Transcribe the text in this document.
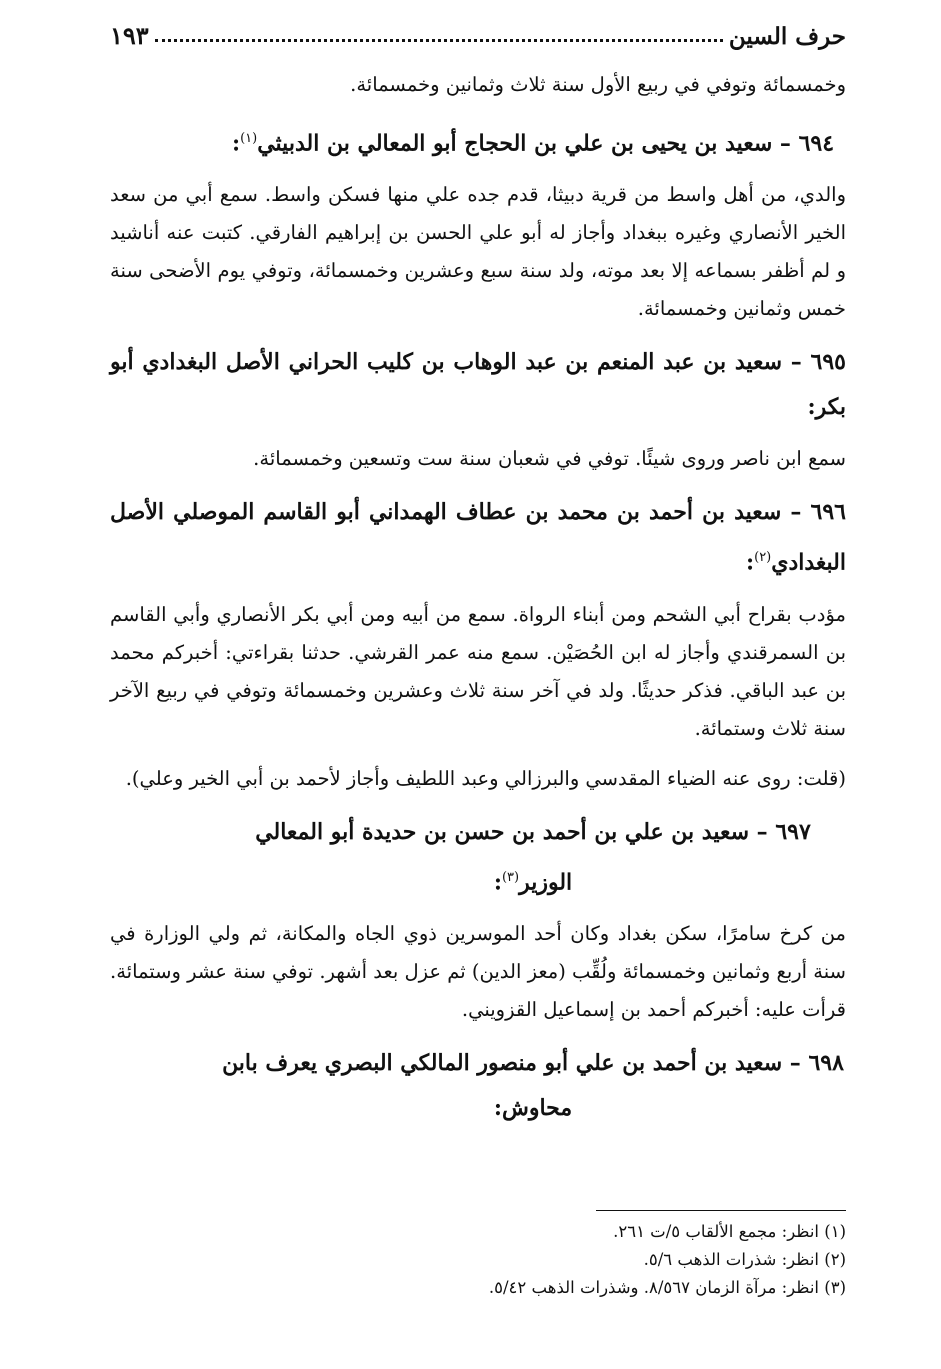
حرف السين
١٩٣

وخمسمائة وتوفي في ربيع الأول سنة ثلاث وثمانين وخمسمائة.

٦٩٤ – سعيد بن يحيى بن علي بن الحجاج أبو المعالي بن الدبيثي$^{(١)}$:

والدي، من أهل واسط من قرية دبيثا، قدم جده علي منها فسكن واسط. سمع أبي من سعد الخير الأنصاري وغيره ببغداد وأجاز له أبو علي الحسن بن إبراهيم الفارقي. كتبت عنه أناشيد و لم أظفر بسماعه إلا بعد موته، ولد سنة سبع وعشرين وخمسمائة، وتوفي يوم الأضحى سنة خمس وثمانين وخمسمائة.

٦٩٥ – سعيد بن عبد المنعم بن عبد الوهاب بن كليب الحراني الأصل البغدادي أبو بكر:

سمع ابن ناصر وروى شيئًا. توفي في شعبان سنة ست وتسعين وخمسمائة.

٦٩٦ – سعيد بن أحمد بن محمد بن عطاف الهمداني أبو القاسم الموصلي الأصل البغدادي$^{(٢)}$:

مؤدب بقراح أبي الشحم ومن أبناء الرواة. سمع من أبيه ومن أبي بكر الأنصاري وأبي القاسم بن السمرقندي وأجاز له ابن الحُصَيْن. سمع منه عمر القرشي. حدثنا بقراءتي: أخبركم محمد بن عبد الباقي. فذكر حديثًا. ولد في آخر سنة ثلاث وعشرين وخمسمائة وتوفي في ربيع الآخر سنة ثلاث وستمائة.

(قلت: روى عنه الضياء المقدسي والبرزالي وعبد اللطيف وأجاز لأحمد بن أبي الخير وعلي).

٦٩٧ – سعيد بن علي بن أحمد بن حسن بن حديدة أبو المعالي الوزير$^{(٣)}$:

من كرخ سامرًا، سكن بغداد وكان أحد الموسرين ذوي الجاه والمكانة، ثم ولي الوزارة في سنة أربع وثمانين وخمسمائة ولُقِّب (معز الدين) ثم عزل بعد أشهر. توفي سنة عشر وستمائة. قرأت عليه: أخبركم أحمد بن إسماعيل القزويني.

٦٩٨ – سعيد بن أحمد بن علي أبو منصور المالكي البصري يعرف بابن محاوش:
(١) انظر: مجمع الألقاب ٥/ت ٢٦١.
(٢) انظر: شذرات الذهب ٥/٦.
(٣) انظر: مرآة الزمان ٨/٥٦٧. وشذرات الذهب ٥/٤٢.
